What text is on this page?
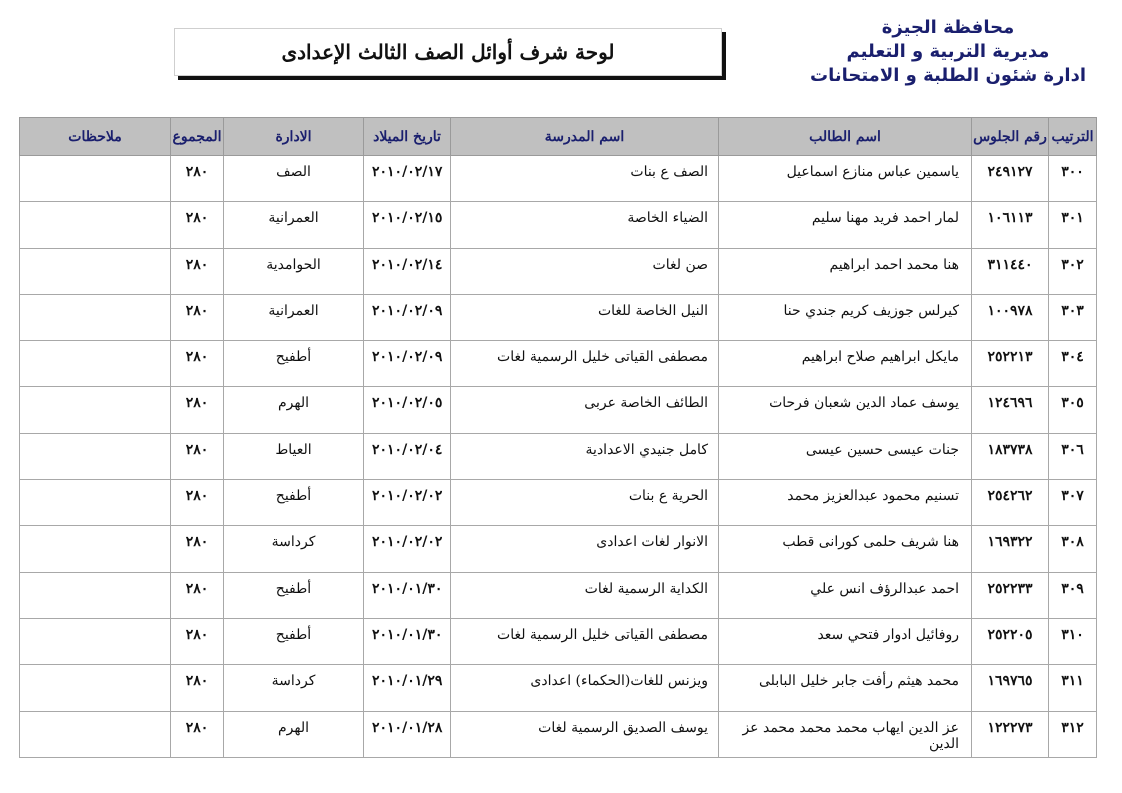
محافظة الجيزة
مديرية التربية و التعليم
ادارة شئون الطلبة و الامتحانات
لوحة شرف أوائل الصف الثالث الإعدادى
الترتيب	رقم الجلوس	اسم الطالب	اسم المدرسة	تاريخ الميلاد	الادارة	المجموع	ملاحظات
٣٠٠	٢٤٩١٢٧	ياسمين عباس منازع اسماعيل	الصف ع بنات	٢٠١٠/٠٢/١٧	الصف	٢٨٠	
٣٠١	١٠٦١١٣	لمار احمد فريد مهنا سليم	الضياء الخاصة	٢٠١٠/٠٢/١٥	العمرانية	٢٨٠	
٣٠٢	٣١١٤٤٠	هنا محمد احمد ابراهيم	صن لغات	٢٠١٠/٠٢/١٤	الحوامدية	٢٨٠	
٣٠٣	١٠٠٩٧٨	كيرلس جوزيف كريم جندي حنا	النيل الخاصة للغات	٢٠١٠/٠٢/٠٩	العمرانية	٢٨٠	
٣٠٤	٢٥٢٢١٣	مايكل ابراهيم صلاح ابراهيم	مصطفى القياتى خليل الرسمية لغات	٢٠١٠/٠٢/٠٩	أطفيح	٢٨٠	
٣٠٥	١٢٤٦٩٦	يوسف عماد الدين شعبان فرحات	الطائف الخاصة عربى	٢٠١٠/٠٢/٠٥	الهرم	٢٨٠	
٣٠٦	١٨٣٧٣٨	جنات عيسى حسين عيسى	كامل جنيدي الاعدادية	٢٠١٠/٠٢/٠٤	العياط	٢٨٠	
٣٠٧	٢٥٤٢٦٢	تسنيم محمود عبدالعزيز محمد	الحرية ع بنات	٢٠١٠/٠٢/٠٢	أطفيح	٢٨٠	
٣٠٨	١٦٩٣٢٢	هنا شريف حلمى كورانى قطب	الانوار لغات اعدادى	٢٠١٠/٠٢/٠٢	كرداسة	٢٨٠	
٣٠٩	٢٥٢٢٣٣	احمد عبدالرؤف انس علي	الكداية الرسمية لغات	٢٠١٠/٠١/٣٠	أطفيح	٢٨٠	
٣١٠	٢٥٢٢٠٥	روفائيل ادوار فتحي سعد	مصطفى القياتى خليل الرسمية لغات	٢٠١٠/٠١/٣٠	أطفيح	٢٨٠	
٣١١	١٦٩٧٦٥	محمد هيثم رأفت جابر خليل البابلى	ويزنس للغات(الحكماء) اعدادى	٢٠١٠/٠١/٢٩	كرداسة	٢٨٠	
٣١٢	١٢٢٢٧٣	عز الدين ايهاب محمد محمد محمد عز الدين	يوسف الصديق الرسمية لغات	٢٠١٠/٠١/٢٨	الهرم	٢٨٠	
